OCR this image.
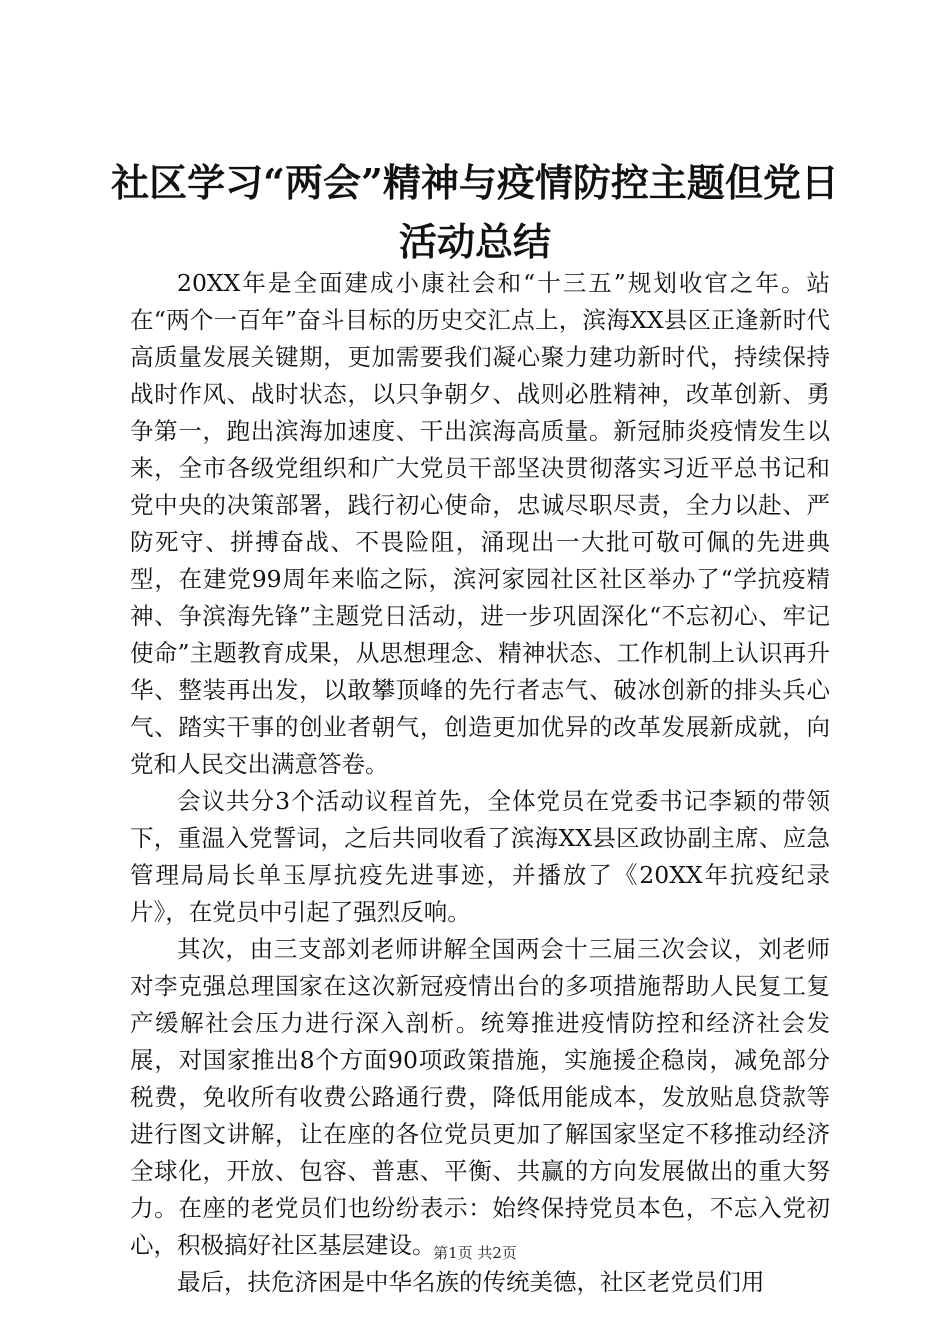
社区学习“两会”精神与疫情防控主题但党日
活动总结

20XX年是全面建成小康社会和“十三五”规划收官之年。站在“两个一百年”奋斗目标的历史交汇点上，滨海XX县区正逢新时代高质量发展关键期，更加需要我们凝心聚力建功新时代，持续保持战时作风、战时状态，以只争朝夕、战则必胜精神，改革创新、勇争第一，跑出滨海加速度、干出滨海高质量。新冠肺炎疫情发生以来，全市各级党组织和广大党员干部坚决贯彻落实习近平总书记和党中央的决策部署，践行初心使命，忠诚尽职尽责，全力以赴、严防死守、拼搏奋战、不畏险阻，涌现出一大批可敬可佩的先进典型，在建党99周年来临之际，滨河家园社区社区举办了“学抗疫精神、争滨海先锋”主题党日活动，进一步巩固深化“不忘初心、牢记使命”主题教育成果，从思想理念、精神状态、工作机制上认识再升华、整装再出发，以敢攀顶峰的先行者志气、破冰创新的排头兵心气、踏实干事的创业者朝气，创造更加优异的改革发展新成就，向党和人民交出满意答卷。

会议共分3个活动议程首先，全体党员在党委书记李颖的带领下，重温入党誓词，之后共同收看了滨海XX县区政协副主席、应急管理局局长单玉厚抗疫先进事迹，并播放了《20XX年抗疫纪录片》，在党员中引起了强烈反响。

其次，由三支部刘老师讲解全国两会十三届三次会议，刘老师对李克强总理国家在这次新冠疫情出台的多项措施帮助人民复工复产缓解社会压力进行深入剖析。统筹推进疫情防控和经济社会发展，对国家推出8个方面90项政策措施，实施援企稳岗，减免部分税费，免收所有收费公路通行费，降低用能成本，发放贴息贷款等进行图文讲解，让在座的各位党员更加了解国家坚定不移推动经济全球化，开放、包容、普惠、平衡、共赢的方向发展做出的重大努力。在座的老党员们也纷纷表示：始终保持党员本色，不忘入党初心，积极搞好社区基层建设。

最后，扶危济困是中华名族的传统美德，社区老党员们用

第1页 共2页
